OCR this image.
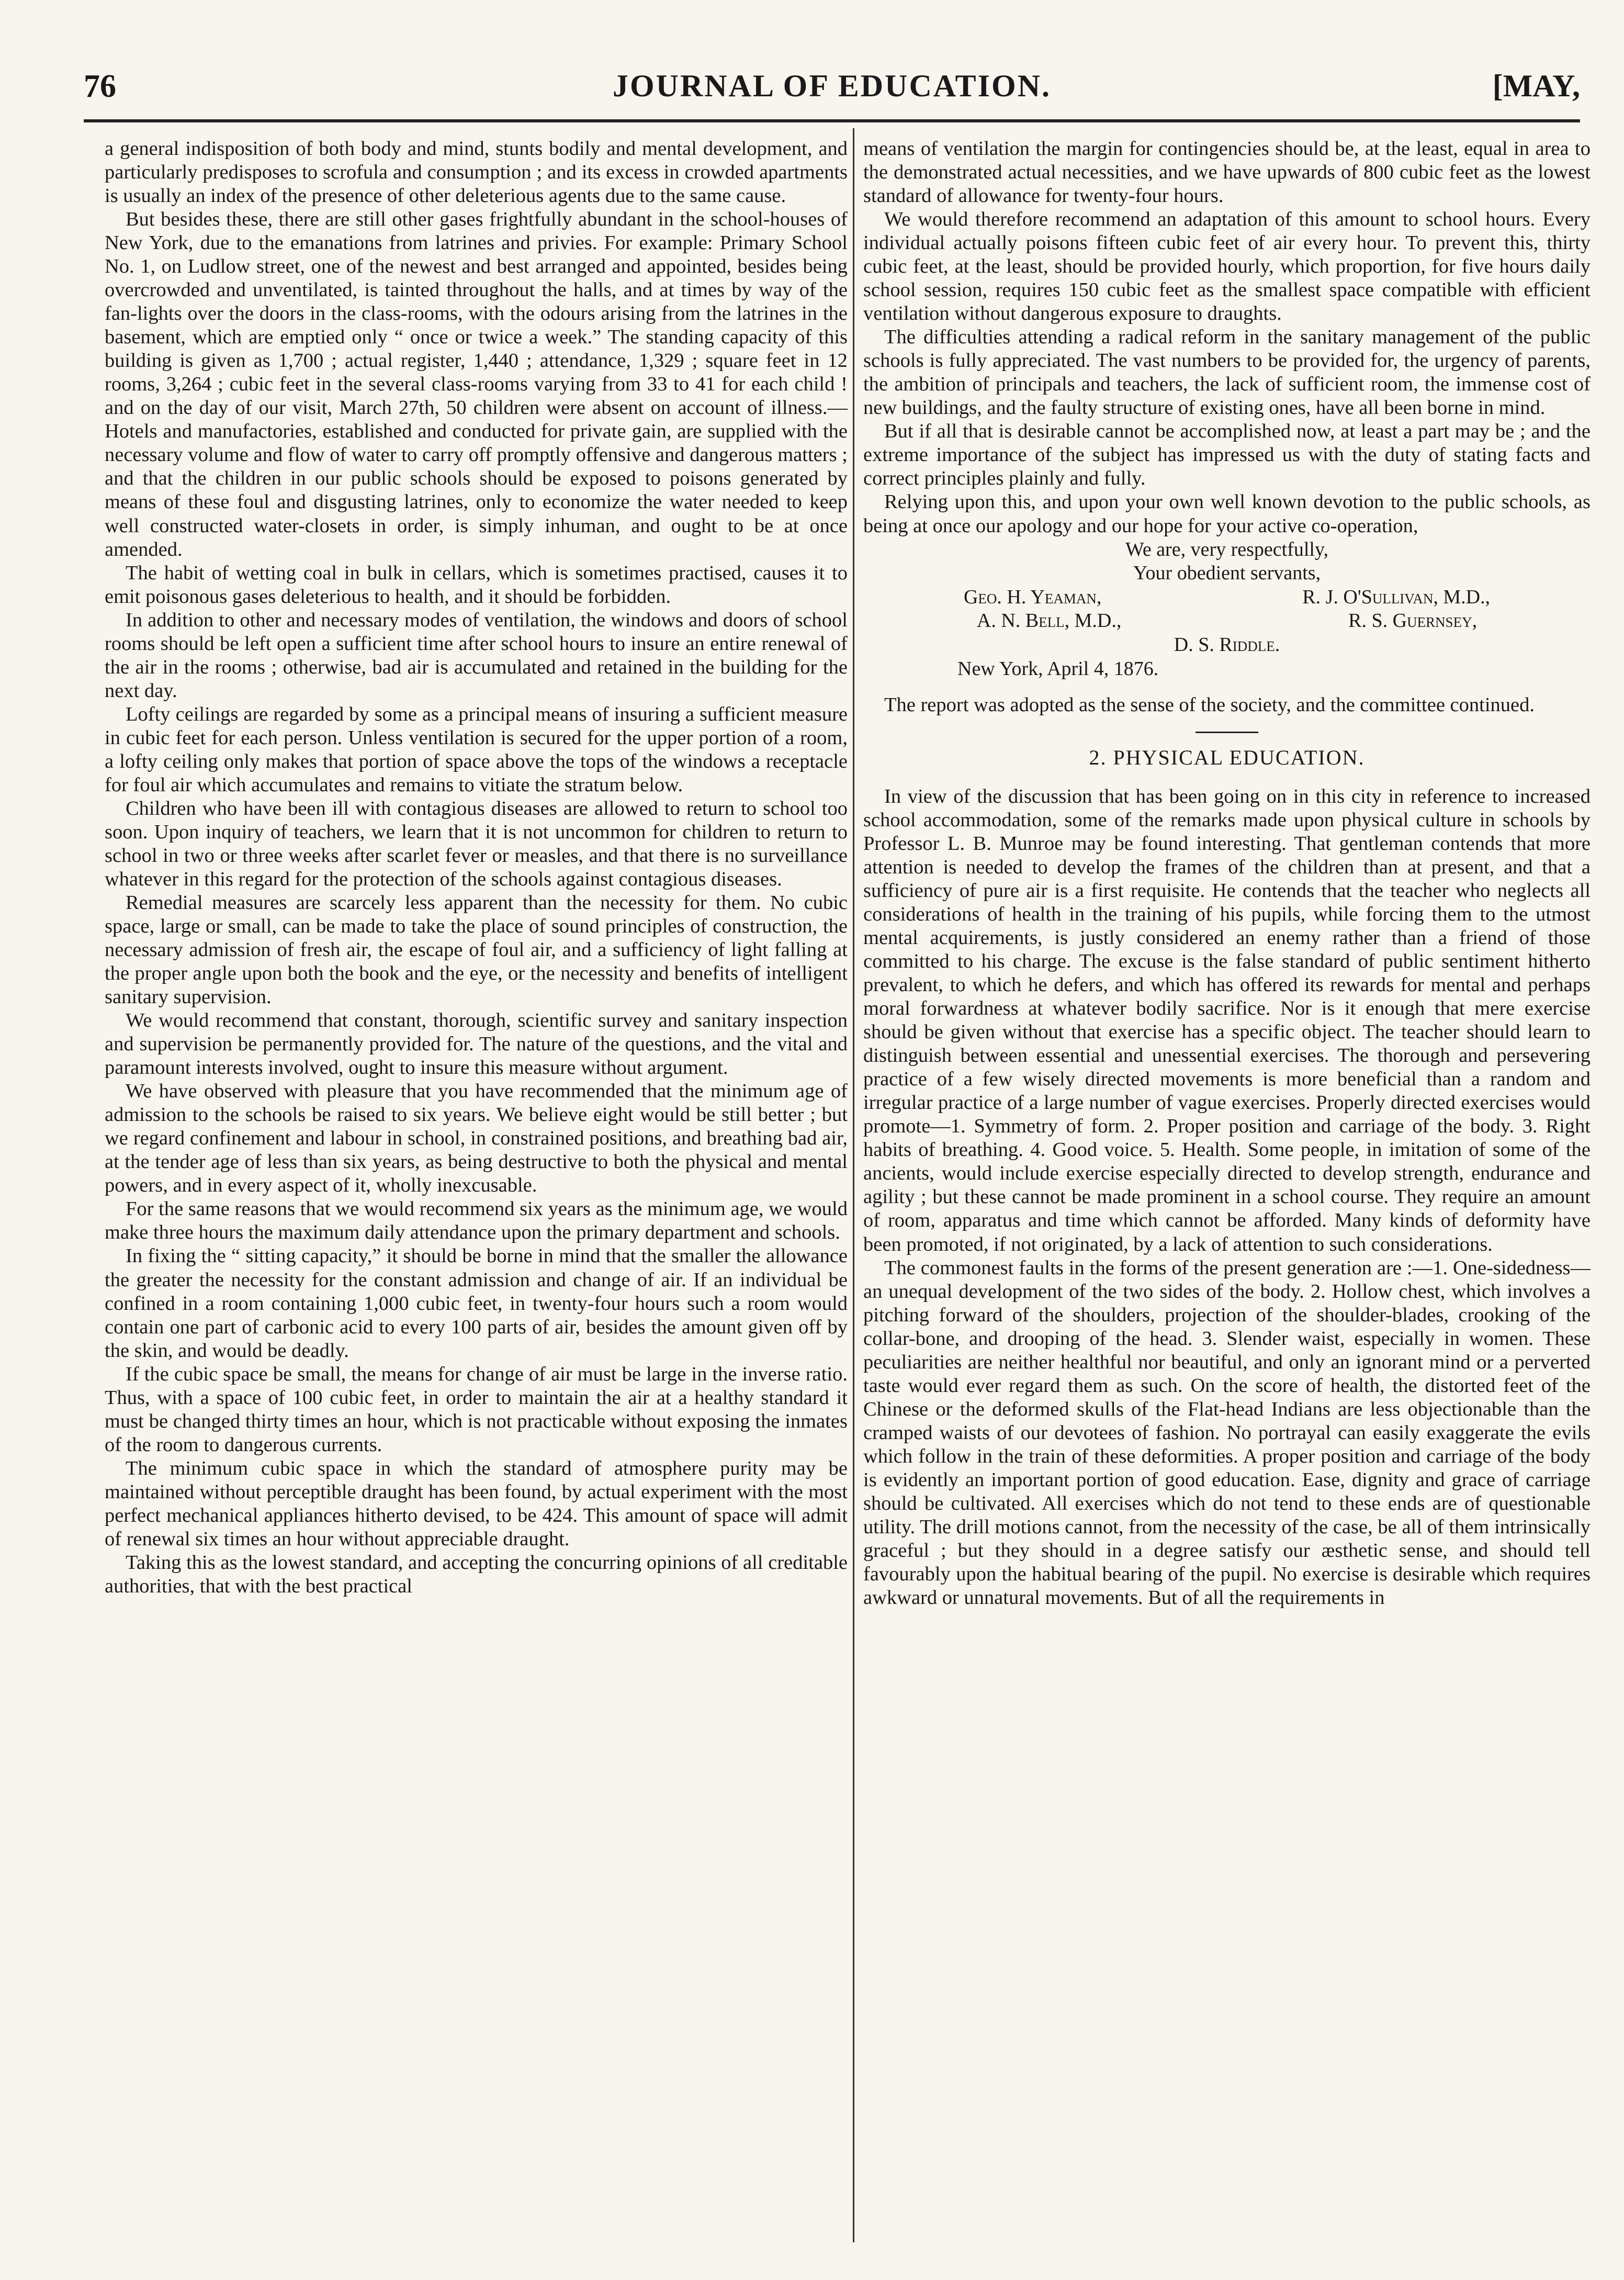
76	JOURNAL OF EDUCATION.	[MAY,

a general indisposition of both body and mind, stunts bodily and mental development, and particularly predisposes to scrofula and consumption ; and its excess in crowded apartments is usually an index of the presence of other deleterious agents due to the same cause.

But besides these, there are still other gases frightfully abundant in the school-houses of New York, due to the emanations from latrines and privies. For example: Primary School No. 1, on Ludlow street, one of the newest and best arranged and appointed, besides being overcrowded and unventilated, is tainted throughout the halls, and at times by way of the fan-lights over the doors in the class-rooms, with the odours arising from the latrines in the basement, which are emptied only “ once or twice a week.” The standing capacity of this building is given as 1,700 ; actual register, 1,440 ; attendance, 1,329 ; square feet in 12 rooms, 3,264 ; cubic feet in the several class-rooms varying from 33 to 41 for each child ! and on the day of our visit, March 27th, 50 children were absent on account of illness.—Hotels and manufactories, established and conducted for private gain, are supplied with the necessary volume and flow of water to carry off promptly offensive and dangerous matters ; and that the children in our public schools should be exposed to poisons generated by means of these foul and disgusting latrines, only to economize the water needed to keep well constructed water-closets in order, is simply inhuman, and ought to be at once amended.

The habit of wetting coal in bulk in cellars, which is sometimes practised, causes it to emit poisonous gases deleterious to health, and it should be forbidden.

In addition to other and necessary modes of ventilation, the windows and doors of school rooms should be left open a sufficient time after school hours to insure an entire renewal of the air in the rooms ; otherwise, bad air is accumulated and retained in the building for the next day.

Lofty ceilings are regarded by some as a principal means of insuring a sufficient measure in cubic feet for each person. Unless ventilation is secured for the upper portion of a room, a lofty ceiling only makes that portion of space above the tops of the windows a receptacle for foul air which accumulates and remains to vitiate the stratum below.

Children who have been ill with contagious diseases are allowed to return to school too soon. Upon inquiry of teachers, we learn that it is not uncommon for children to return to school in two or three weeks after scarlet fever or measles, and that there is no surveillance whatever in this regard for the protection of the schools against contagious diseases.

Remedial measures are scarcely less apparent than the necessity for them. No cubic space, large or small, can be made to take the place of sound principles of construction, the necessary admission of fresh air, the escape of foul air, and a sufficiency of light falling at the proper angle upon both the book and the eye, or the necessity and benefits of intelligent sanitary supervision.

We would recommend that constant, thorough, scientific survey and sanitary inspection and supervision be permanently provided for. The nature of the questions, and the vital and paramount interests involved, ought to insure this measure without argument.

We have observed with pleasure that you have recommended that the minimum age of admission to the schools be raised to six years. We believe eight would be still better ; but we regard confinement and labour in school, in constrained positions, and breathing bad air, at the tender age of less than six years, as being destructive to both the physical and mental powers, and in every aspect of it, wholly inexcusable.

For the same reasons that we would recommend six years as the minimum age, we would make three hours the maximum daily attendance upon the primary department and schools.

In fixing the “ sitting capacity,” it should be borne in mind that the smaller the allowance the greater the necessity for the constant admission and change of air. If an individual be confined in a room containing 1,000 cubic feet, in twenty-four hours such a room would contain one part of carbonic acid to every 100 parts of air, besides the amount given off by the skin, and would be deadly.

If the cubic space be small, the means for change of air must be large in the inverse ratio. Thus, with a space of 100 cubic feet, in order to maintain the air at a healthy standard it must be changed thirty times an hour, which is not practicable without exposing the inmates of the room to dangerous currents.

The minimum cubic space in which the standard of atmosphere purity may be maintained without perceptible draught has been found, by actual experiment with the most perfect mechanical appliances hitherto devised, to be 424. This amount of space will admit of renewal six times an hour without appreciable draught.

Taking this as the lowest standard, and accepting the concurring opinions of all creditable authorities, that with the best practical

means of ventilation the margin for contingencies should be, at the least, equal in area to the demonstrated actual necessities, and we have upwards of 800 cubic feet as the lowest standard of allowance for twenty-four hours.

We would therefore recommend an adaptation of this amount to school hours. Every individual actually poisons fifteen cubic feet of air every hour. To prevent this, thirty cubic feet, at the least, should be provided hourly, which proportion, for five hours daily school session, requires 150 cubic feet as the smallest space compatible with efficient ventilation without dangerous exposure to draughts.

The difficulties attending a radical reform in the sanitary management of the public schools is fully appreciated. The vast numbers to be provided for, the urgency of parents, the ambition of principals and teachers, the lack of sufficient room, the immense cost of new buildings, and the faulty structure of existing ones, have all been borne in mind.

But if all that is desirable cannot be accomplished now, at least a part may be ; and the extreme importance of the subject has impressed us with the duty of stating facts and correct principles plainly and fully.

Relying upon this, and upon your own well known devotion to the public schools, as being at once our apology and our hope for your active co-operation,

We are, very respectfully,
Your obedient servants,
Geo. H. Yeaman,	R. J. O'Sullivan, M.D.,
A. N. Bell, M.D.,	R. S. Guernsey,
D. S. Riddle.
New York, April 4, 1876.

The report was adopted as the sense of the society, and the committee continued.

2. PHYSICAL EDUCATION.

In view of the discussion that has been going on in this city in reference to increased school accommodation, some of the remarks made upon physical culture in schools by Professor L. B. Munroe may be found interesting. That gentleman contends that more attention is needed to develop the frames of the children than at present, and that a sufficiency of pure air is a first requisite. He contends that the teacher who neglects all considerations of health in the training of his pupils, while forcing them to the utmost mental acquirements, is justly considered an enemy rather than a friend of those committed to his charge. The excuse is the false standard of public sentiment hitherto prevalent, to which he defers, and which has offered its rewards for mental and perhaps moral forwardness at whatever bodily sacrifice. Nor is it enough that mere exercise should be given without that exercise has a specific object. The teacher should learn to distinguish between essential and unessential exercises. The thorough and persevering practice of a few wisely directed movements is more beneficial than a random and irregular practice of a large number of vague exercises. Properly directed exercises would promote—1. Symmetry of form. 2. Proper position and carriage of the body. 3. Right habits of breathing. 4. Good voice. 5. Health. Some people, in imitation of some of the ancients, would include exercise especially directed to develop strength, endurance and agility ; but these cannot be made prominent in a school course. They require an amount of room, apparatus and time which cannot be afforded. Many kinds of deformity have been promoted, if not originated, by a lack of attention to such considerations.

The commonest faults in the forms of the present generation are :—1. One-sidedness—an unequal development of the two sides of the body. 2. Hollow chest, which involves a pitching forward of the shoulders, projection of the shoulder-blades, crooking of the collar-bone, and drooping of the head. 3. Slender waist, especially in women. These peculiarities are neither healthful nor beautiful, and only an ignorant mind or a perverted taste would ever regard them as such. On the score of health, the distorted feet of the Chinese or the deformed skulls of the Flat-head Indians are less objectionable than the cramped waists of our devotees of fashion. No portrayal can easily exaggerate the evils which follow in the train of these deformities. A proper position and carriage of the body is evidently an important portion of good education. Ease, dignity and grace of carriage should be cultivated. All exercises which do not tend to these ends are of questionable utility. The drill motions cannot, from the necessity of the case, be all of them intrinsically graceful ; but they should in a degree satisfy our æsthetic sense, and should tell favourably upon the habitual bearing of the pupil. No exercise is desirable which requires awkward or unnatural movements. But of all the requirements in
